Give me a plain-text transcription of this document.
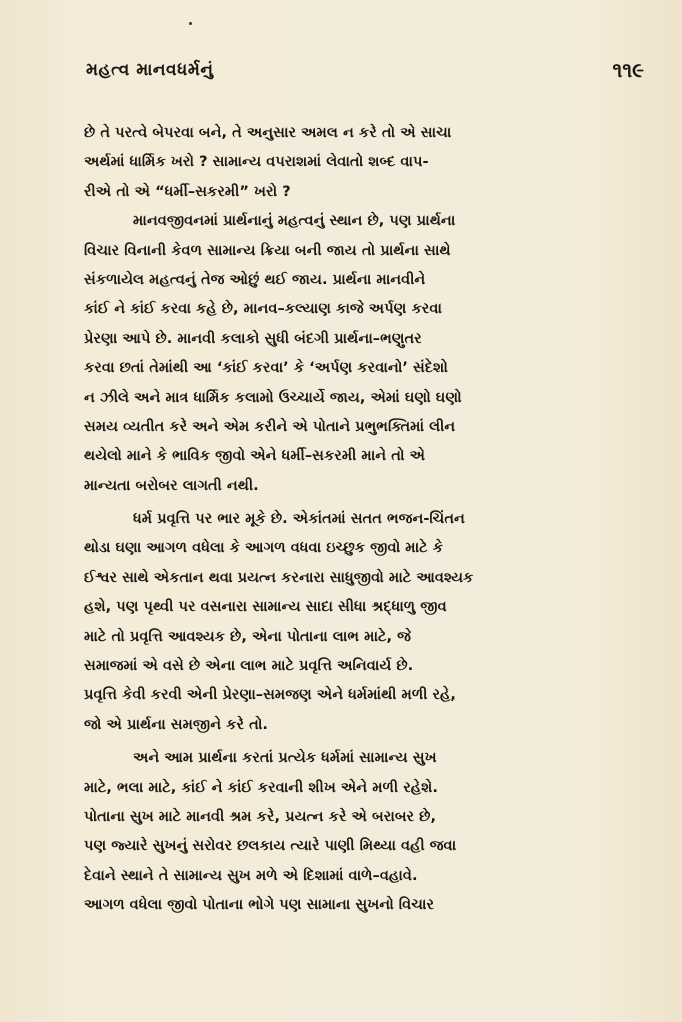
મહત્વ માનવધર્મનું	૧૧૯
છે તે પરત્વે બેપરવા બને, તે અનુસાર અમલ ન કરે તો એ સાચા
અર્થમાં ધાર્મિક ખરો ? સામાન્ય વપરાશમાં લેવાતો શબ્દ વાપ-
રીએ તો એ “ધર્મી–સકરમી” ખરો ?
માનવજીવનમાં પ્રાર્થનાનું મહત્વનું સ્થાન છે, પણ પ્રાર્થના
વિચાર વિનાની કેવળ સામાન્ય ક્રિયા બની જાય તો પ્રાર્થના સાથે
સંકળાયેલ મહત્વનું તેજ ઓછું થઈ જાય. પ્રાર્થના માનવીને
કાંઈ ને કાંઈ કરવા કહે છે, માનવ–કલ્યાણ કાજે અર્પણ કરવા
પ્રેરણા આપે છે. માનવી કલાકો સુધી બંદગી પ્રાર્થના–ભણુતર
કરવા છતાં તેમાંથી આ ‘કાંઈ કરવા’ કે ‘અર્પણ કરવાનો’ સંદેશો
ન ઝીલે અને માત્ર ધાર્મિક કલામો ઉચ્ચાર્યે જાય, એમાં ઘણો ઘણો
સમય વ્યતીત કરે અને એમ કરીને એ પોતાને પ્રભુભક્તિમાં લીન
થયેલો માને કે ભાવિક જીવો એને ધર્મી–સકરમી માને તો એ
માન્યતા બરોબર લાગતી નથી.
ધર્મ પ્રવૃત્તિ પર ભાર મૂકે છે. એકાંતમાં સતત ભજન-ચિંતન
થોડા ઘણા આગળ વધેલા કે આગળ વધવા ઇચ્છુક જીવો માટે કે
ઈશ્વર સાથે એકતાન થવા પ્રયત્ન કરનારા સાધુજીવો માટે આવશ્યક
હશે, પણ પૃથ્વી પર વસનારા સામાન્ય સાદા સીધા શ્રદ્ધાળુ જીવ
માટે તો પ્રવૃત્તિ આવશ્યક છે, એના પોતાના લાભ માટે, જે
સમાજમાં એ વસે છે એના લાભ માટે પ્રવૃત્તિ અનિવાર્ય છે.
પ્રવૃત્તિ કેવી કરવી એની પ્રેરણા–સમજણ એને ધર્મમાંથી મળી રહે,
જો એ પ્રાર્થના સમજીને કરે તો.
અને આમ પ્રાર્થના કરતાં પ્રત્યેક ધર્મમાં સામાન્ય સુખ
માટે, ભલા માટે, કાંઈ ને કાંઈ કરવાની શીખ એને મળી રહેશે.
પોતાના સુખ માટે માનવી શ્રમ કરે, પ્રયત્ન કરે એ બરાબર છે,
પણ જ્યારે સુખનું સરોવર છલકાય ત્યારે પાણી મિથ્યા વહી જવા
દેવાને સ્થાને તે સામાન્ય સુખ મળે એ દિશામાં વાળે–વહાવે.
આગળ વધેલા જીવો પોતાના ભોગે પણ સામાના સુખનો વિચાર
